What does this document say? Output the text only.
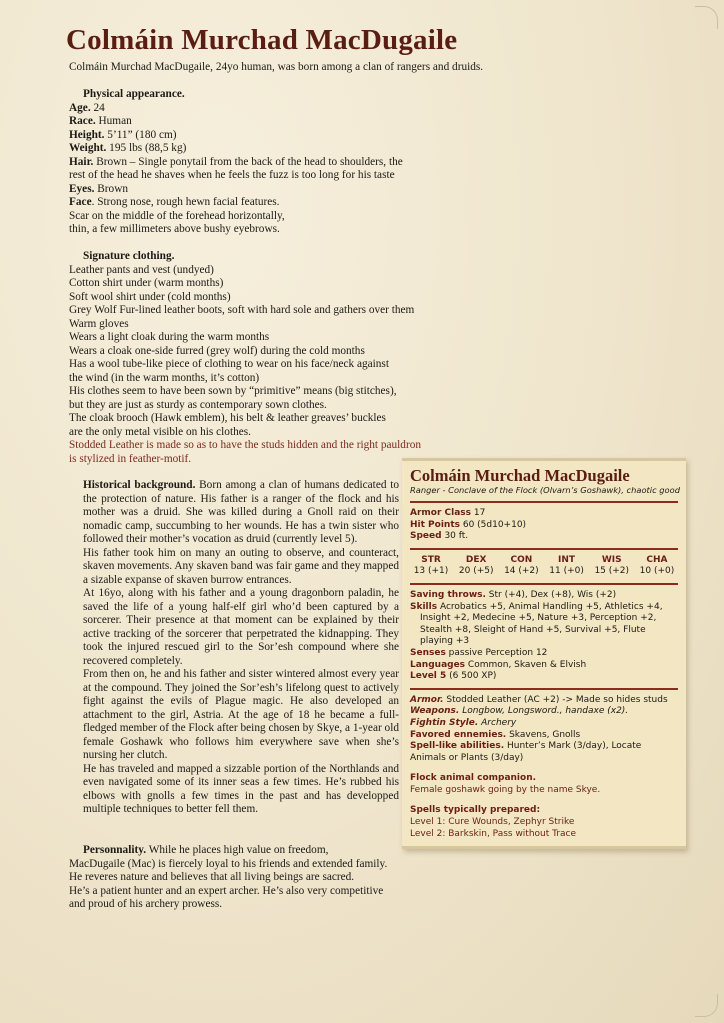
Colmáin Murchad MacDugaile
Colmáin Murchad MacDugaile, 24yo human, was born among a clan of rangers and druids.
Physical appearance.
Age. 24
Race. Human
Height. 5’11” (180 cm)
Weight. 195 lbs (88,5 kg)
Hair. Brown – Single ponytail from the back of the head to shoulders, the
rest of the head he shaves when he feels the fuzz is too long for his taste
Eyes. Brown
Face. Strong nose, rough hewn facial features.
Scar on the middle of the forehead horizontally,
thin, a few millimeters above bushy eyebrows.
Signature clothing.
Leather pants and vest (undyed)
Cotton shirt under (warm months)
Soft wool shirt under (cold months)
Grey Wolf Fur-lined leather boots, soft with hard sole and gathers over them
Warm gloves
Wears a light cloak during the warm months
Wears a cloak one-side furred (grey wolf) during the cold months
Has a wool tube-like piece of clothing to wear on his face/neck against
the wind (in the warm months, it’s cotton)
His clothes seem to have been sown by “primitive” means (big stitches),
but they are just as sturdy as contemporary sown clothes.
The cloak brooch (Hawk emblem), his belt & leather greaves’ buckles
are the only metal visible on his clothes.
Stodded Leather is made so as to have the studs hidden and the right pauldron
is stylized in feather-motif.
Historical background. Born among a clan of humans dedicated to the protection of nature. His father is a ranger of the flock and his mother was a druid. She was killed during a Gnoll raid on their nomadic camp, succumbing to her wounds. He has a twin sister who followed their mother’s vocation as druid (currently level 5).
His father took him on many an outing to observe, and counteract, skaven movements. Any skaven band was fair game and they mapped a sizable expanse of skaven burrow entrances.
At 16yo, along with his father and a young dragonborn paladin, he saved the life of a young half-elf girl who’d been captured by a sorcerer. Their presence at that moment can be explained by their active tracking of the sorcerer that perpetrated the kidnapping. They took the injured rescued girl to the Sor’esh compound where she recovered completely.
From then on, he and his father and sister wintered almost every year at the compound. They joined the Sor’esh’s lifelong quest to actively fight against the evils of Plague magic. He also developed an attachment to the girl, Astria. At the age of 18 he became a full-fledged member of the Flock after being chosen by Skye, a 1-year old female Goshawk who follows him everywhere save when she’s nursing her clutch.
He has traveled and mapped a sizzable portion of the Northlands and even navigated some of its inner seas a few times. He’s rubbed his elbows with gnolls a few times in the past and has developped multiple techniques to better fell them.
Personnality. While he places high value on freedom,
MacDugaile (Mac) is fiercely loyal to his friends and extended family.
He reveres nature and believes that all living beings are sacred.
He’s a patient hunter and an expert archer. He’s also very competitive
and proud of his archery prowess.
Colmáin Murchad MacDugaile
Ranger - Conclave of the Flock (Olvarn’s Goshawk), chaotic good
Armor Class 17
Hit Points 60 (5d10+10)
Speed 30 ft.
STR
13 (+1)
DEX
20 (+5)
CON
14 (+2)
INT
11 (+0)
WIS
15 (+2)
CHA
10 (+0)
Saving throws. Str (+4), Dex (+8), Wis (+2)
Skills Acrobatics +5, Animal Handling +5, Athletics +4, Insight +2, Medecine +5, Nature +3, Perception +2, Stealth +8, Sleight of Hand +5, Survival +5, Flute playing +3
Senses passive Perception 12
Languages Common, Skaven & Elvish
Level 5 (6 500 XP)
Armor. Stodded Leather (AC +2) -> Made so hides studs
Weapons. Longbow, Longsword., handaxe (x2).
Fightin Style. Archery
Favored ennemies. Skavens, Gnolls
Spell-like abilities. Hunter’s Mark (3/day), Locate Animals or Plants (3/day)
Flock animal companion.
Female goshawk going by the name Skye.
Spells typically prepared:
Level 1: Cure Wounds, Zephyr Strike
Level 2: Barkskin, Pass without Trace
